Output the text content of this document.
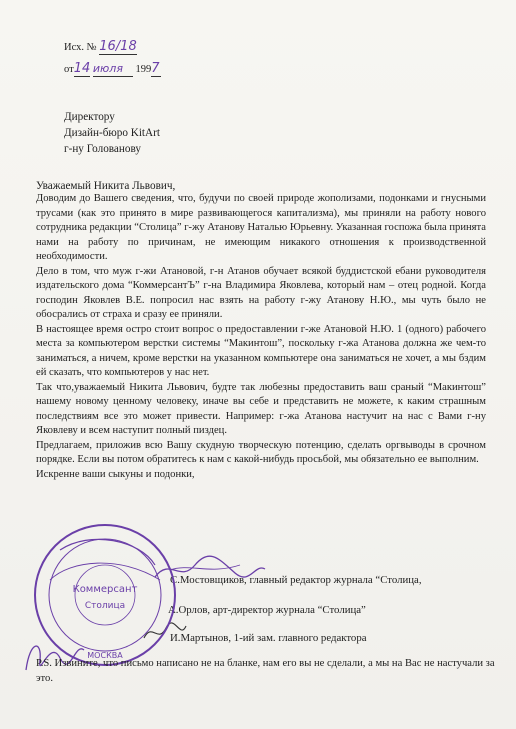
Исх. № 16/18
от14 июля 1997
Директору
Дизайн-бюро KitArt
г-ну Голованову
Уважаемый Никита Львович,

Доводим до Вашего сведения, что, будучи по своей природе жополизами, подонками и гнусными трусами (как это принято в мире развивающегося капитализма), мы приняли на работу нового сотрудника редакции “Столица” г-жу Атанову Наталью Юрьевну. Указанная госпожа была принята нами на работу по причинам, не имеющим никакого отношения к производственной необходимости.

Дело в том, что муж г-жи Атановой, г-н Атанов обучает всякой буддистской ебани руководителя издательского дома “КоммерсантЪ” г-на Владимира Яковлева, который нам – отец родной. Когда господин Яковлев В.Е. попросил нас взять на работу г-жу Атанову Н.Ю., мы чуть было не обосрались от страха и сразу ее приняли.

В настоящее время остро стоит вопрос о предоставлении г-же Атановой Н.Ю. 1 (одного) рабочего места за компьютером верстки системы “Макинтош”, поскольку г-жа Атанова должна же чем-то заниматься, а ничем, кроме верстки на указанном компьютере она заниматься не хочет, а мы бздим ей сказать, что компьютеров у нас нет.

Так что,уважаемый Никита Львович, будте так любезны предоставить ваш сраный “Макинтош” нашему новому ценному человеку, иначе вы себе и представить не можете, к каким страшным последствиям все это может привести. Например: г-жа Атанова настучит на нас с Вами г-ну Яковлеву и всем наступит полный пиздец.

Предлагаем, приложив всю Вашу скудную творческую потенцию, сделать оргвыводы в срочном порядке. Если вы потом обратитесь к нам с какой-нибудь просьбой, мы обязательно ее выполним.

Искренне ваши сыкуны и подонки,

С.Мостовщиков, главный редактор журнала “Столица,
А.Орлов, арт-директор журнала “Столица”
И.Мартынов, 1-ий зам. главного редактора
Коммерсант
Столица
МОСКВА
P.S. Извините, что письмо написано не на бланке, нам его вы не сделали, а мы на Вас не настучали за это.
